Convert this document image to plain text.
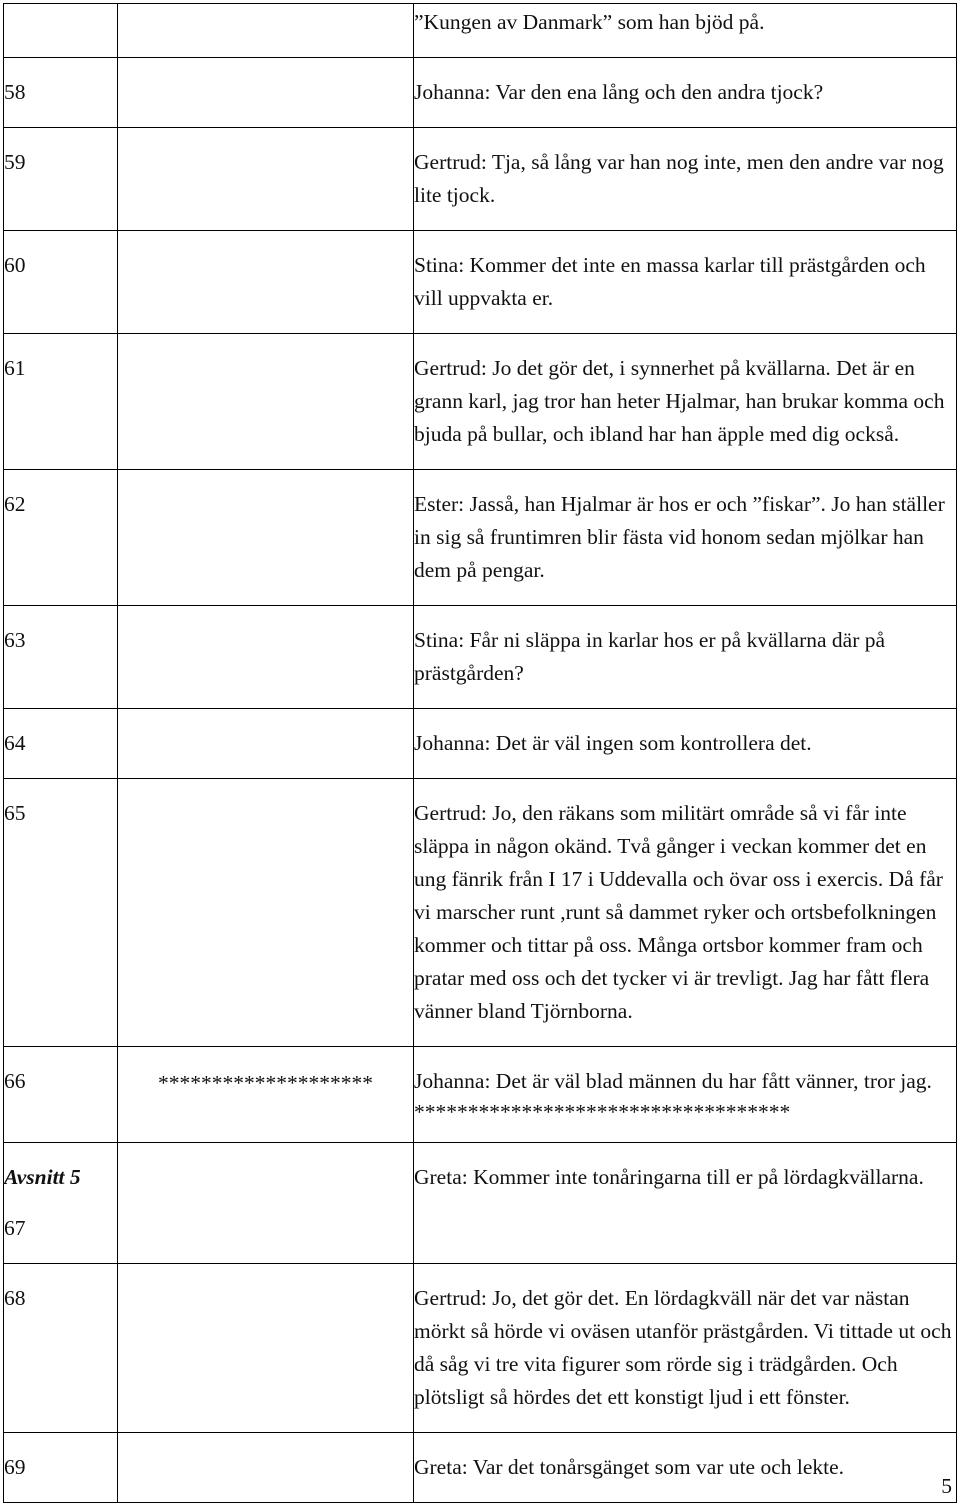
		”Kungen av Danmark” som han bjöd på.

58		Johanna: Var den ena lång och den andra tjock?

59		Gertrud: Tja, så lång var han nog inte, men den andre var nog lite tjock.

60		Stina: Kommer det inte en massa karlar till prästgården och vill uppvakta er.

61		Gertrud: Jo det gör det, i synnerhet på kvällarna. Det är en grann karl, jag tror han heter Hjalmar, han brukar komma och bjuda på bullar, och ibland har han äpple med dig också.

62		Ester: Jasså, han Hjalmar är hos er och ”fiskar”. Jo han ställer in sig så fruntimren blir fästa vid honom sedan mjölkar han dem på pengar.

63		Stina: Får ni släppa in karlar hos er på kvällarna där på prästgården?

64		Johanna: Det är väl ingen som kontrollera det.

65		Gertrud: Jo, den räkans som militärt område så vi får inte släppa in någon okänd. Två gånger i veckan kommer det en ung fänrik från I 17 i Uddevalla och övar oss i exercis. Då får vi marscher runt ,runt så dammet ryker och ortsbefolkningen kommer och tittar på oss. Många ortsbor kommer fram och pratar med oss och det tycker vi är trevligt. Jag har fått flera vänner bland Tjörnborna.

66	********************	Johanna: Det är väl blad männen du har fått vänner, tror jag.
***********************************

Avsnitt 5
67		Greta: Kommer inte tonåringarna till er på lördagkvällarna.

68		Gertrud: Jo, det gör det. En lördagkväll när det var nästan mörkt så hörde vi oväsen utanför prästgården. Vi tittade ut och då såg vi tre vita figurer som rörde sig i trädgården. Och plötsligt så hördes det ett konstigt ljud i ett fönster.

69		Greta: Var det tonårsgänget som var ute och lekte.
5
